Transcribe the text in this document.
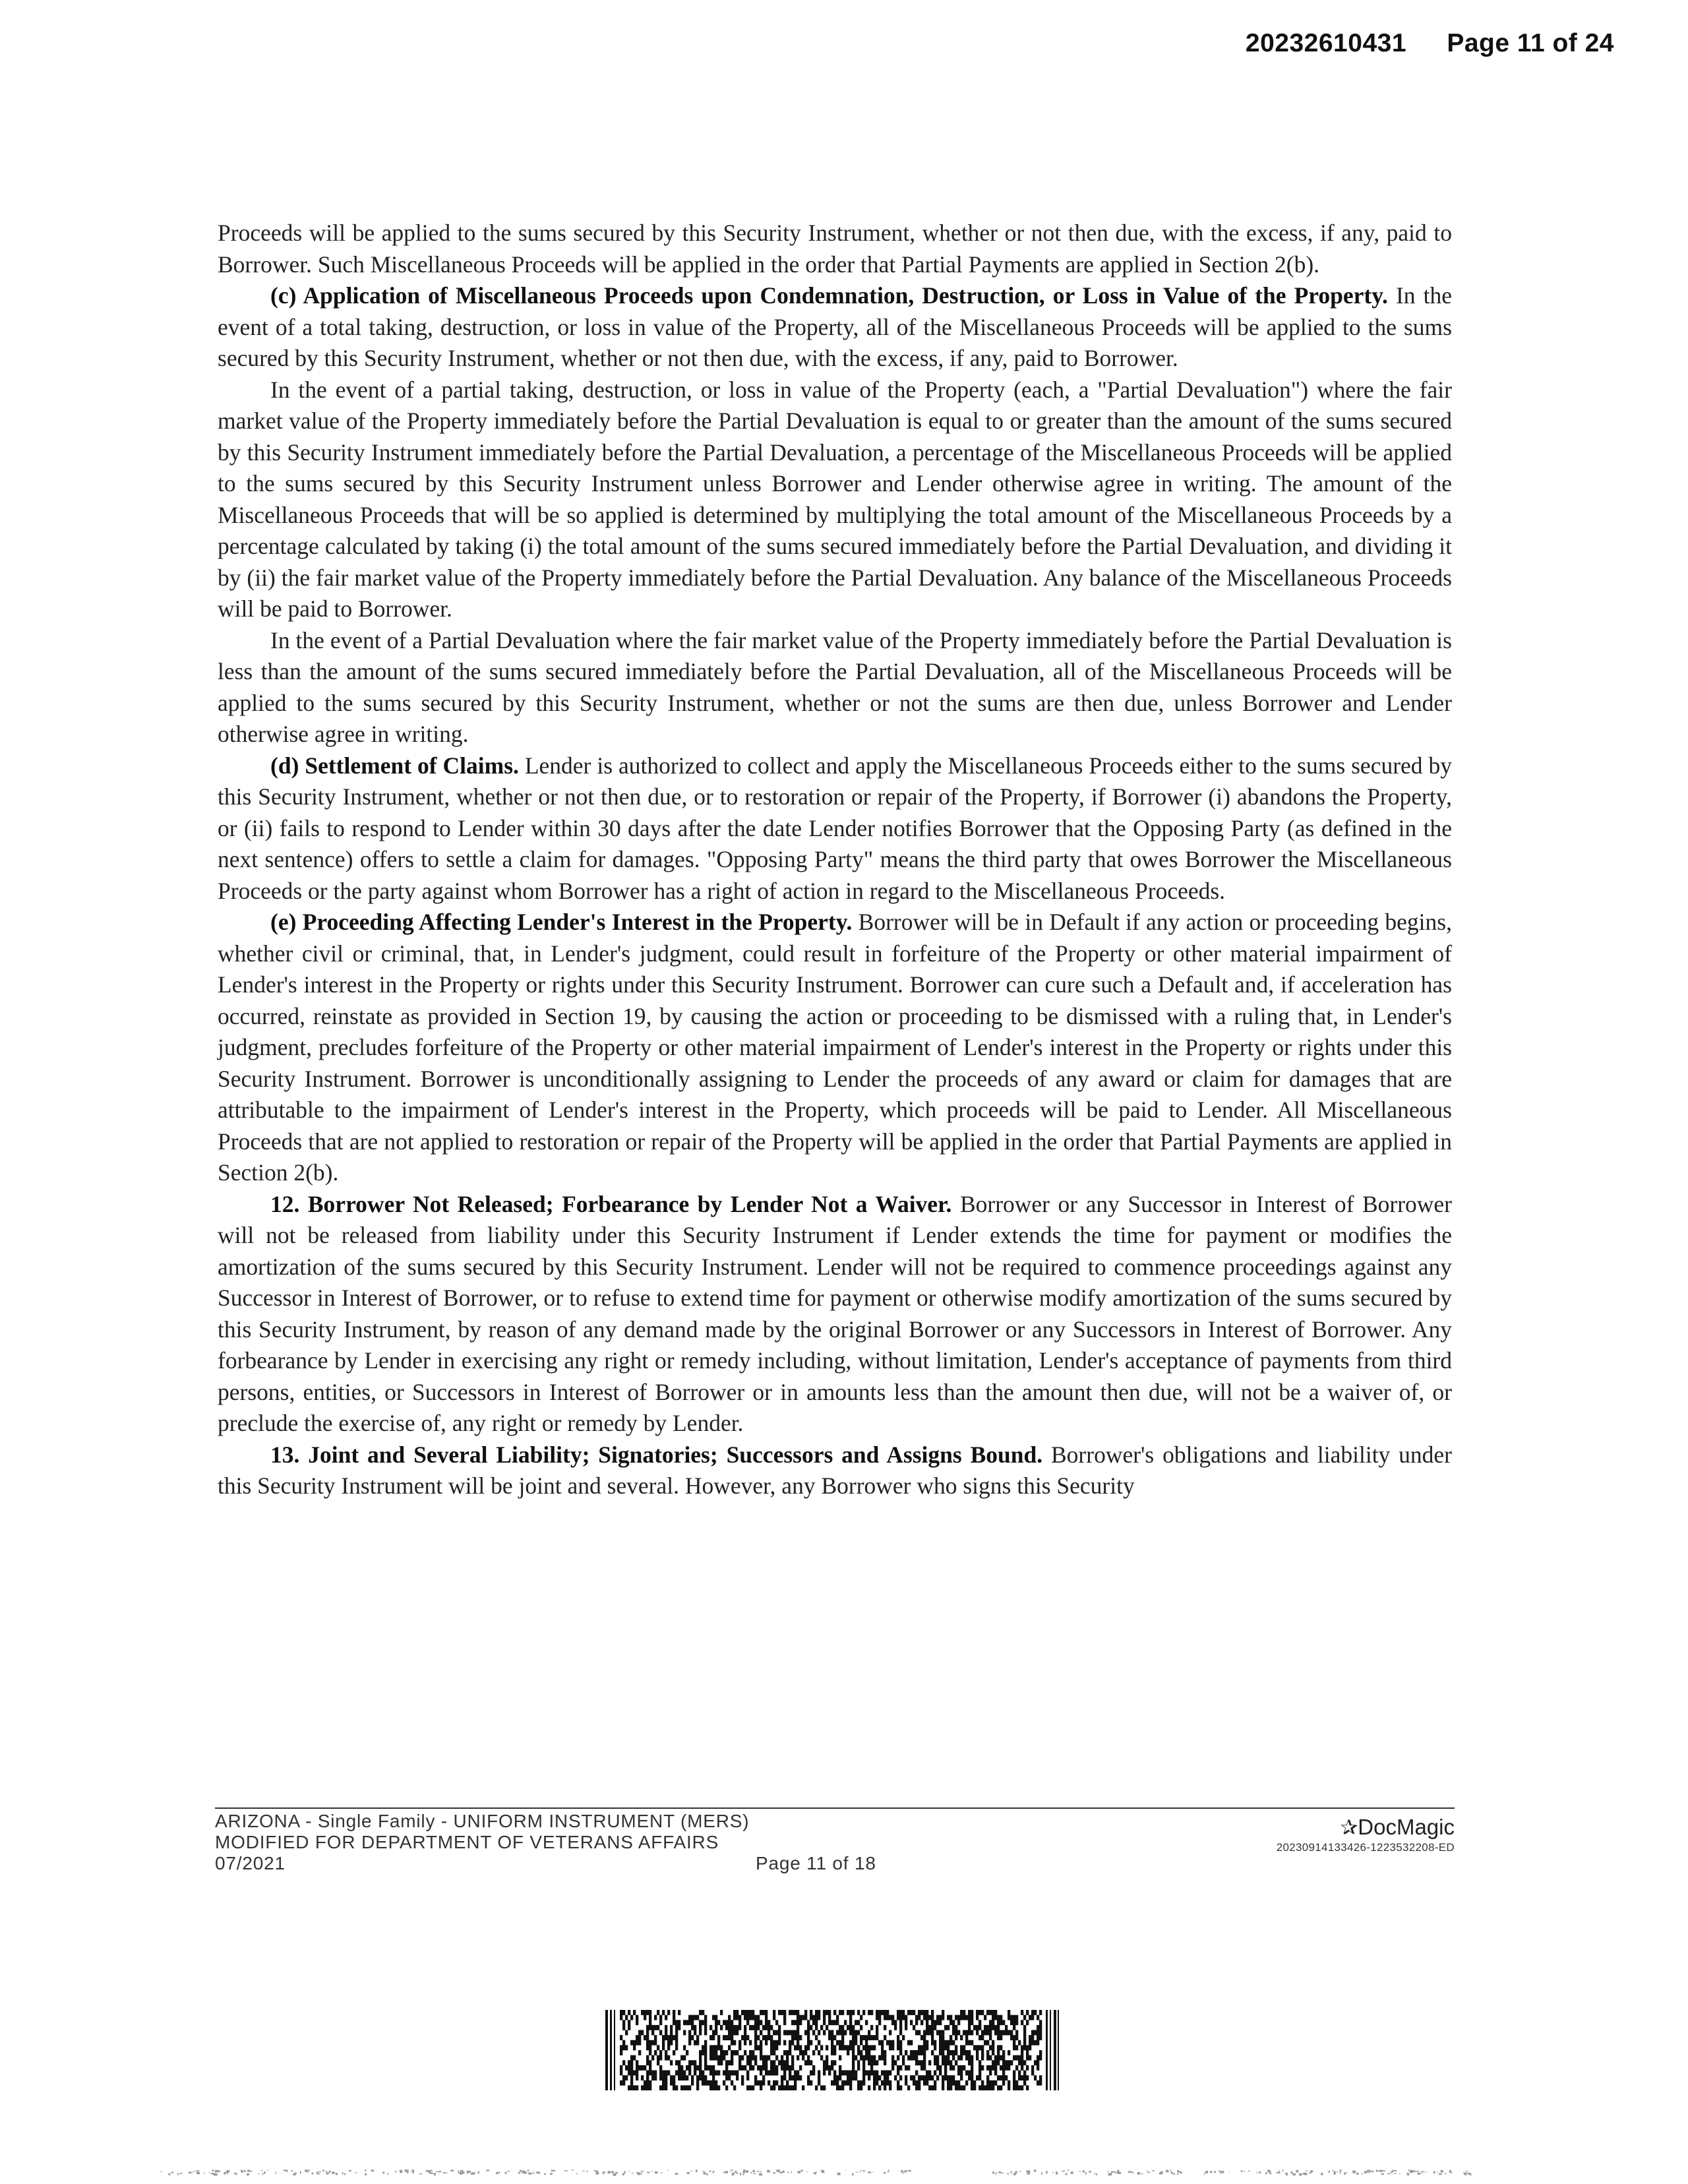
20232610431 Page 11 of 24

Proceeds will be applied to the sums secured by this Security Instrument, whether or not then due, with the excess, if any, paid to Borrower. Such Miscellaneous Proceeds will be applied in the order that Partial Payments are applied in Section 2(b).

(c) Application of Miscellaneous Proceeds upon Condemnation, Destruction, or Loss in Value of the Property. In the event of a total taking, destruction, or loss in value of the Property, all of the Miscellaneous Proceeds will be applied to the sums secured by this Security Instrument, whether or not then due, with the excess, if any, paid to Borrower.

In the event of a partial taking, destruction, or loss in value of the Property (each, a "Partial Devaluation") where the fair market value of the Property immediately before the Partial Devaluation is equal to or greater than the amount of the sums secured by this Security Instrument immediately before the Partial Devaluation, a percentage of the Miscellaneous Proceeds will be applied to the sums secured by this Security Instrument unless Borrower and Lender otherwise agree in writing. The amount of the Miscellaneous Proceeds that will be so applied is determined by multiplying the total amount of the Miscellaneous Proceeds by a percentage calculated by taking (i) the total amount of the sums secured immediately before the Partial Devaluation, and dividing it by (ii) the fair market value of the Property immediately before the Partial Devaluation. Any balance of the Miscellaneous Proceeds will be paid to Borrower.

In the event of a Partial Devaluation where the fair market value of the Property immediately before the Partial Devaluation is less than the amount of the sums secured immediately before the Partial Devaluation, all of the Miscellaneous Proceeds will be applied to the sums secured by this Security Instrument, whether or not the sums are then due, unless Borrower and Lender otherwise agree in writing.

(d) Settlement of Claims. Lender is authorized to collect and apply the Miscellaneous Proceeds either to the sums secured by this Security Instrument, whether or not then due, or to restoration or repair of the Property, if Borrower (i) abandons the Property, or (ii) fails to respond to Lender within 30 days after the date Lender notifies Borrower that the Opposing Party (as defined in the next sentence) offers to settle a claim for damages. "Opposing Party" means the third party that owes Borrower the Miscellaneous Proceeds or the party against whom Borrower has a right of action in regard to the Miscellaneous Proceeds.

(e) Proceeding Affecting Lender's Interest in the Property. Borrower will be in Default if any action or proceeding begins, whether civil or criminal, that, in Lender's judgment, could result in forfeiture of the Property or other material impairment of Lender's interest in the Property or rights under this Security Instrument. Borrower can cure such a Default and, if acceleration has occurred, reinstate as provided in Section 19, by causing the action or proceeding to be dismissed with a ruling that, in Lender's judgment, precludes forfeiture of the Property or other material impairment of Lender's interest in the Property or rights under this Security Instrument. Borrower is unconditionally assigning to Lender the proceeds of any award or claim for damages that are attributable to the impairment of Lender's interest in the Property, which proceeds will be paid to Lender. All Miscellaneous Proceeds that are not applied to restoration or repair of the Property will be applied in the order that Partial Payments are applied in Section 2(b).

12. Borrower Not Released; Forbearance by Lender Not a Waiver. Borrower or any Successor in Interest of Borrower will not be released from liability under this Security Instrument if Lender extends the time for payment or modifies the amortization of the sums secured by this Security Instrument. Lender will not be required to commence proceedings against any Successor in Interest of Borrower, or to refuse to extend time for payment or otherwise modify amortization of the sums secured by this Security Instrument, by reason of any demand made by the original Borrower or any Successors in Interest of Borrower. Any forbearance by Lender in exercising any right or remedy including, without limitation, Lender's acceptance of payments from third persons, entities, or Successors in Interest of Borrower or in amounts less than the amount then due, will not be a waiver of, or preclude the exercise of, any right or remedy by Lender.

13. Joint and Several Liability; Signatories; Successors and Assigns Bound. Borrower's obligations and liability under this Security Instrument will be joint and several. However, any Borrower who signs this Security

ARIZONA - Single Family - UNIFORM INSTRUMENT (MERS)
MODIFIED FOR DEPARTMENT OF VETERANS AFFAIRS
07/2021	Page 11 of 18
✰DocMagic
20230914133426-1223532208-ED
